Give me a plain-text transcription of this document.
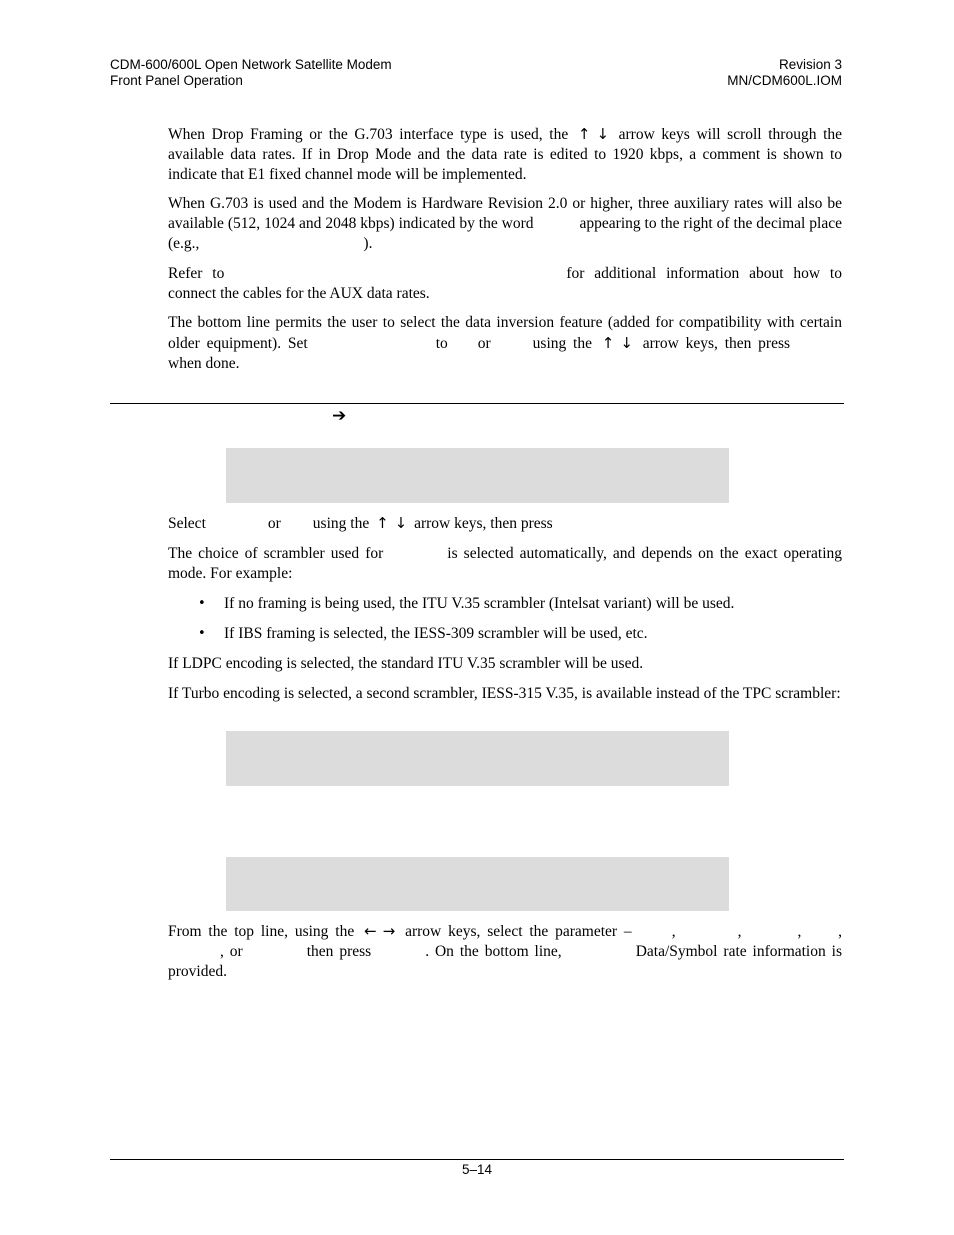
CDM-600/600L Open Network Satellite Modem
Front Panel Operation
Revision 3
MN/CDM600L.IOM

When Drop Framing or the G.703 interface type is used, the ↑ ↓ arrow keys will scroll through the available data rates. If in Drop Mode and the data rate is edited to 1920 kbps, a comment is shown to indicate that E1 fixed channel mode will be implemented.

When G.703 is used and the Modem is Hardware Revision 2.0 or higher, three auxiliary rates will also be available (512, 1024 and 2048 kbps) indicated by the word	appearing to the right of the decimal place (e.g.,	).

Refer to	for additional information about how to connect the cables for the AUX data rates.

The bottom line permits the user to select the data inversion feature (added for compatibility with certain older equipment). Set	to or	using the ↑ ↓ arrow keys, then presswhen done.

➔

Select	or using the ↑ ↓ arrow keys, then press

The choice of scrambler used for	is selected automatically, and depends on the exact operating mode. For example:

• If no framing is being used, the ITU V.35 scrambler (Intelsat variant) will be used.
• If IBS framing is selected, the IESS-309 scrambler will be used, etc.

If LDPC encoding is selected, the standard ITU V.35 scrambler will be used.

If Turbo encoding is selected, a second scrambler, IESS-315 V.35, is available instead of the TPC scrambler:

From the top line, using the ← → arrow keys, select the parameter –	,	,	, ,, or	then press	. On the bottom line,	Data/Symbol rate information is provided.

5–14
